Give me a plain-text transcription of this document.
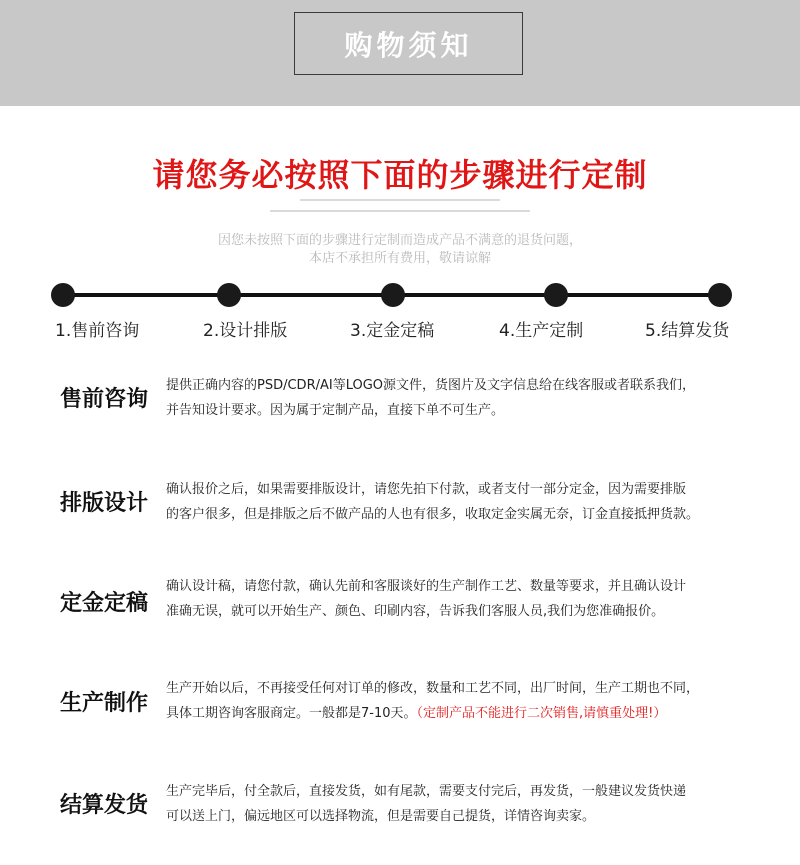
购物须知
请您务必按照下面的步骤进行定制
因您未按照下面的步骤进行定制而造成产品不满意的退货问题，
本店不承担所有费用，敬请谅解
1.售前咨询	2.设计排版	3.定金定稿	4.生产定制	5.结算发货
售前咨询
提供正确内容的PSD/CDR/AI等LOGO源文件，货图片及文字信息给在线客服或者联系我们，
并告知设计要求。因为属于定制产品，直接下单不可生产。
排版设计
确认报价之后，如果需要排版设计，请您先拍下付款，或者支付一部分定金，因为需要排版
的客户很多，但是排版之后不做产品的人也有很多，收取定金实属无奈，订金直接抵押货款。
定金定稿
确认设计稿，请您付款，确认先前和客服谈好的生产制作工艺、数量等要求，并且确认设计
准确无误，就可以开始生产、颜色、印刷内容，告诉我们客服人员,我们为您准确报价。
生产制作
生产开始以后，不再接受任何对订单的修改，数量和工艺不同，出厂时间，生产工期也不同，
具体工期咨询客服商定。一般都是7-10天。（定制产品不能进行二次销售,请慎重处理!）
结算发货
生产完毕后，付全款后，直接发货，如有尾款，需要支付完后，再发货，一般建议发货快递
可以送上门，偏远地区可以选择物流，但是需要自己提货，详情咨询卖家。
